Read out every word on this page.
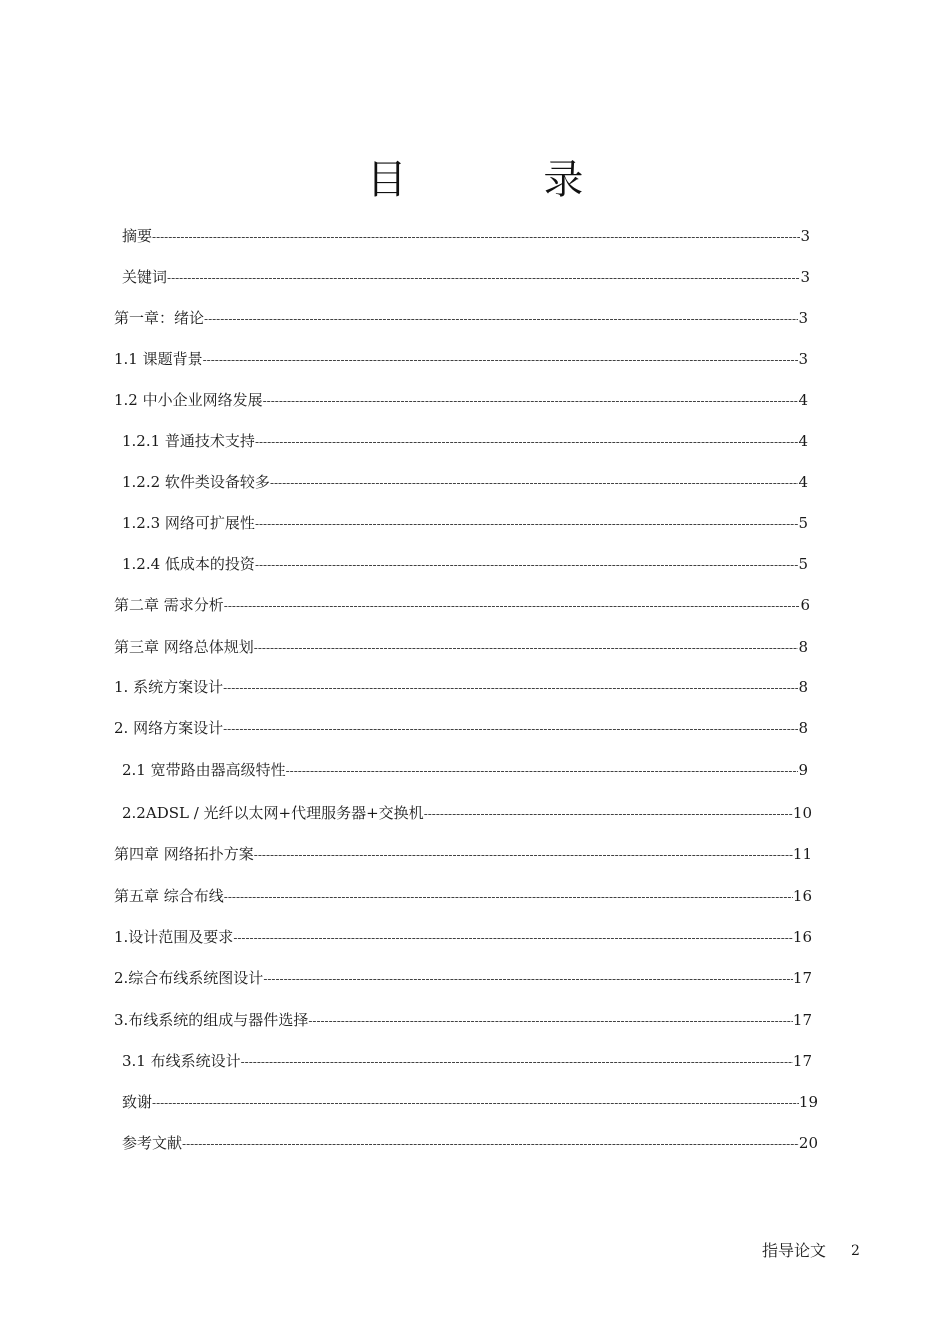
目 录
摘要 -----	3
关键词 -----	3
第一章：绪论 -----	3
1.1 课题背景 -----	3
1.2 中小企业网络发展 -----	4
1.2.1 普通技术支持 -----	4
1.2.2 软件类设备较多 -----	4
1.2.3 网络可扩展性 -----	5
1.2.4 低成本的投资 -----	5
第二章 需求分析 -----	6
第三章 网络总体规划 -----	8
1. 系统方案设计 -----	8
2. 网络方案设计 -----	8
2.1 宽带路由器高级特性 -----	9
2.2ADSL / 光纤以太网+代理服务器+交换机 -----	10
第四章 网络拓扑方案 -----	11
第五章 综合布线 -----	16
1.设计范围及要求 -----	16
2.综合布线系统图设计 -----	17
3.布线系统的组成与器件选择 -----	17
3.1 布线系统设计 -----	17
致谢 -----	19
参考文献 -----	20
指导论文 2
